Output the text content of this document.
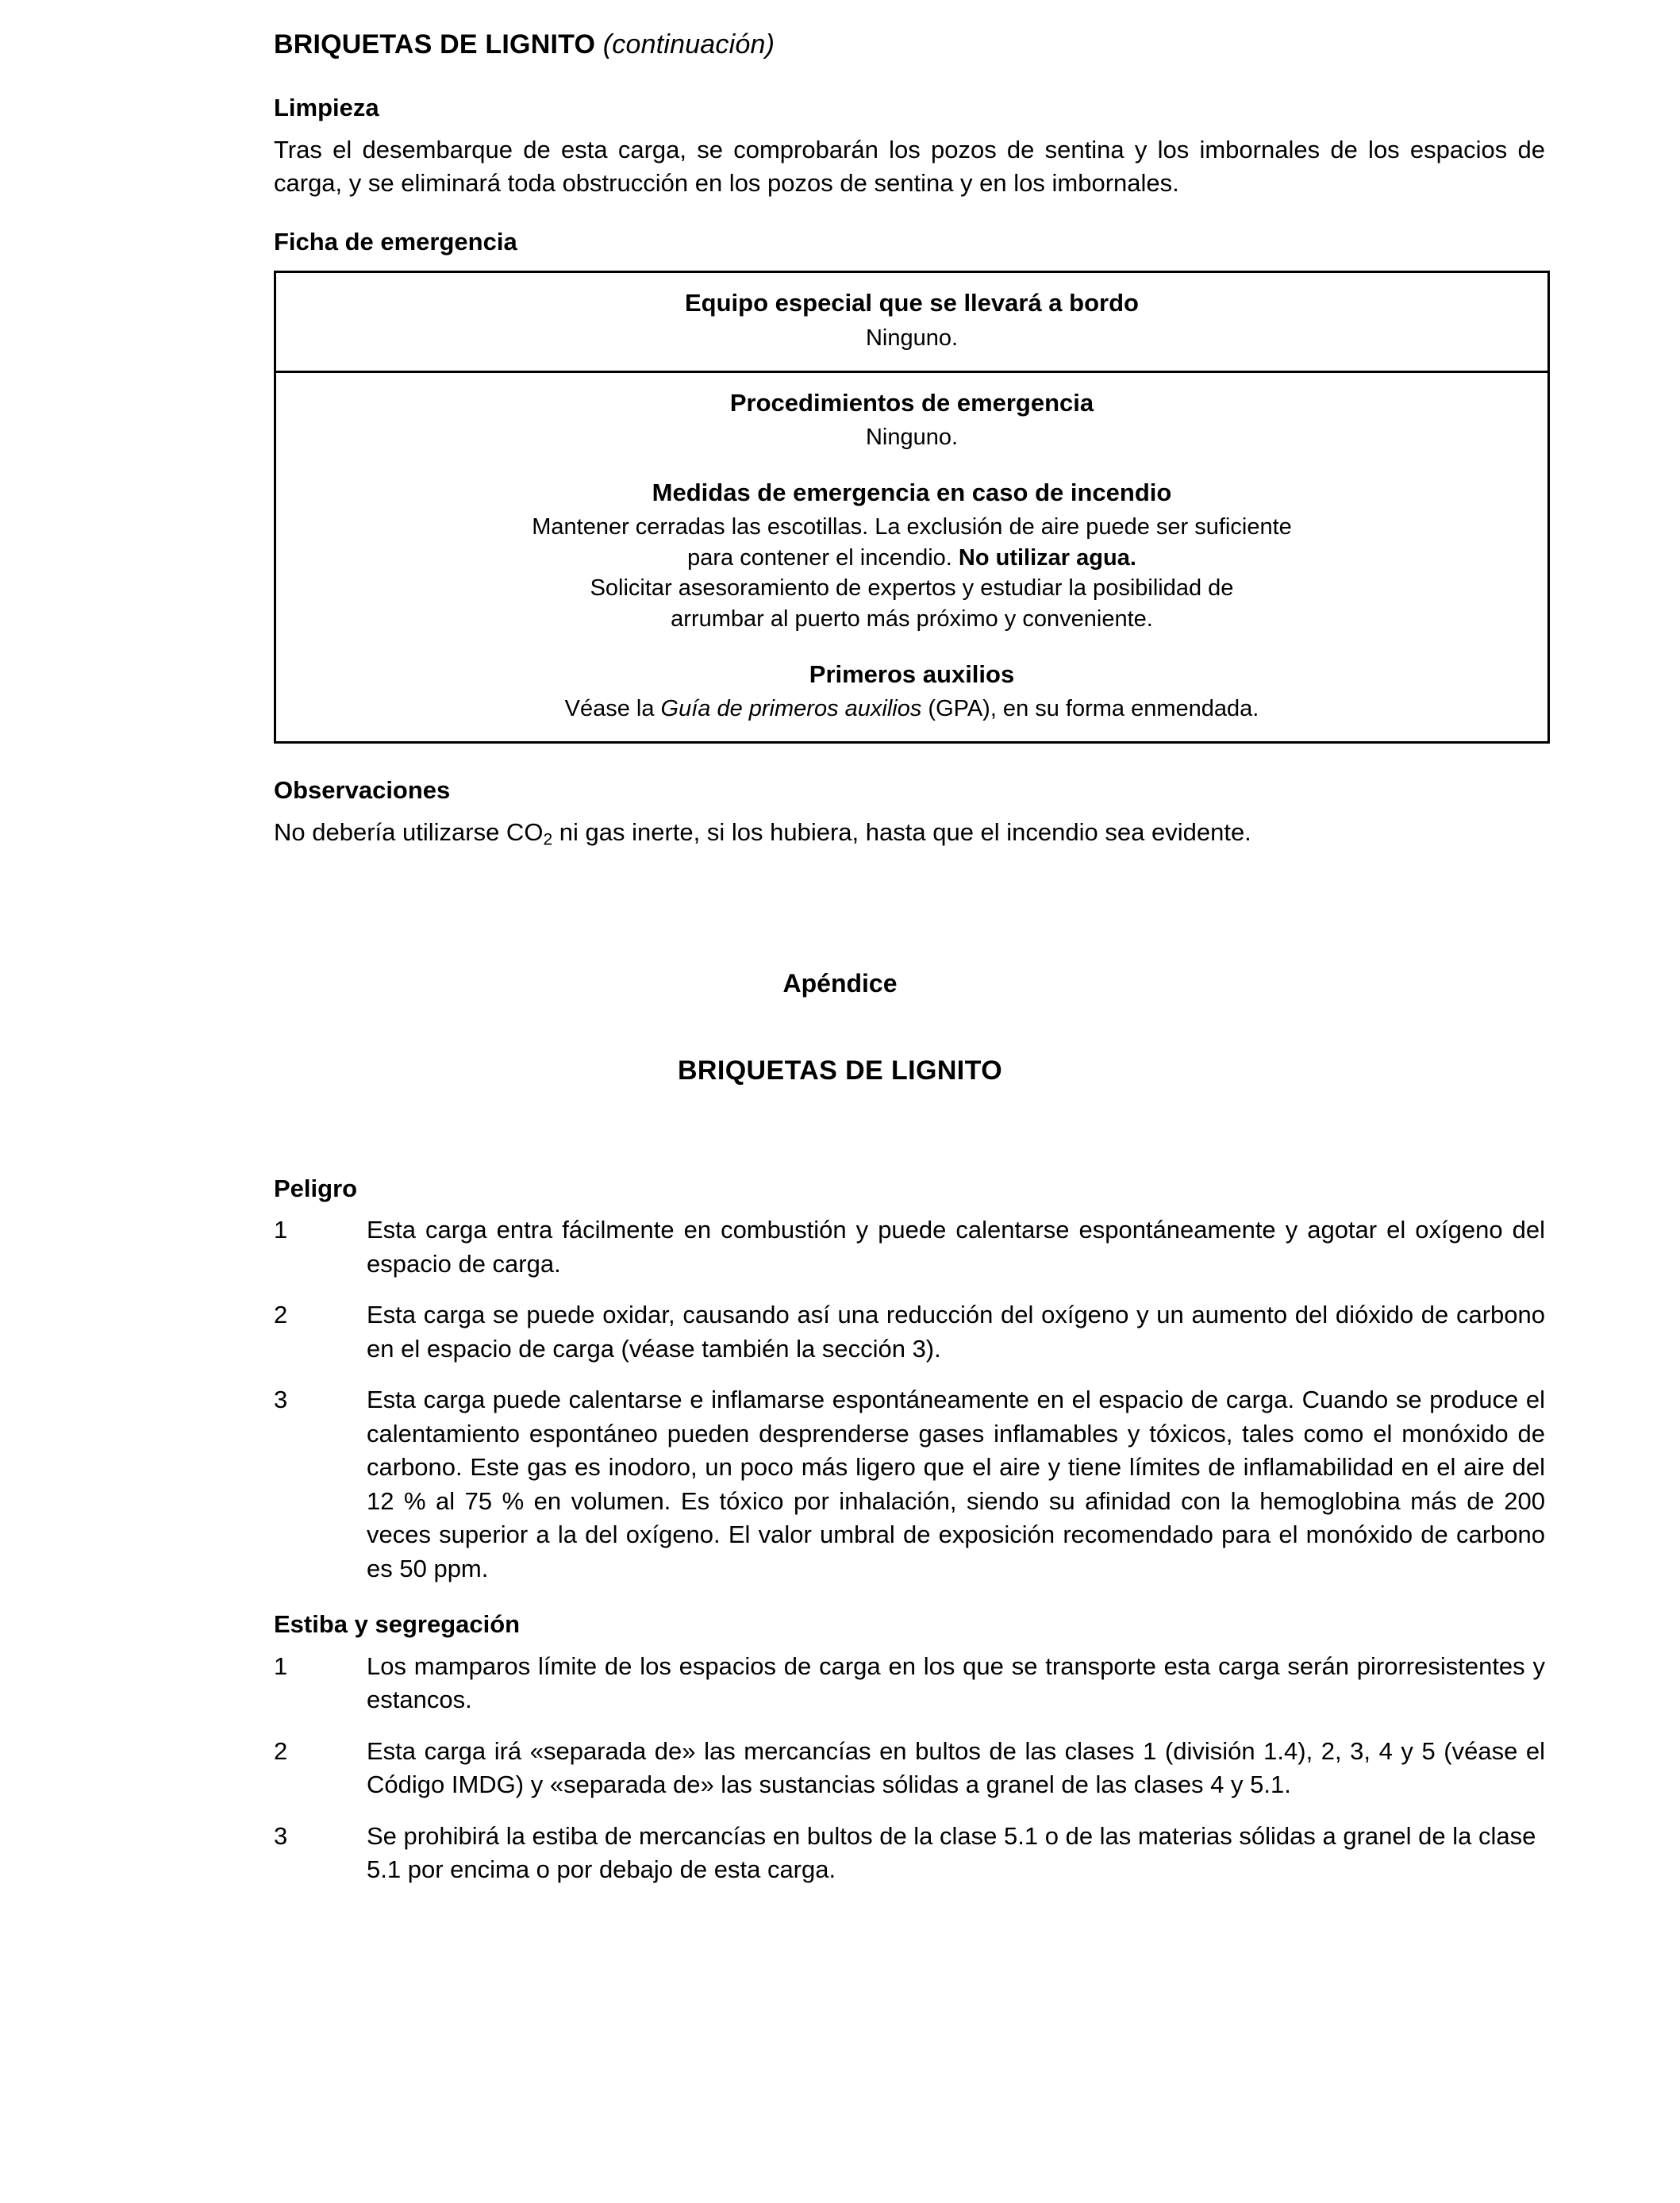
BRIQUETAS DE LIGNITO (continuación)
Limpieza

Tras el desembarque de esta carga, se comprobarán los pozos de sentina y los imbornales de los espacios de carga, y se eliminará toda obstrucción en los pozos de sentina y en los imbornales.

Ficha de emergencia

Equipo especial que se llevará a bordo

Ninguno.

Procedimientos de emergencia

Ninguno.

Medidas de emergencia en caso de incendio

Mantener cerradas las escotillas. La exclusión de aire puede ser suficiente

para contener el incendio. No utilizar agua.

Solicitar asesoramiento de expertos y estudiar la posibilidad de

arrumbar al puerto más próximo y conveniente.

Primeros auxilios

Véase la Guía de primeros auxilios (GPA), en su forma enmendada.

Observaciones

No debería utilizarse $CO_2$ ni gas inerte, si los hubiera, hasta que el incendio sea evidente.

Apéndice

BRIQUETAS DE LIGNITO

Peligro
1	Esta carga entra fácilmente en combustión y puede calentarse espontáneamente y agotar el oxígeno del espacio de carga.
2	Esta carga se puede oxidar, causando así una reducción del oxígeno y un aumento del dióxido de carbono en el espacio de carga (véase también la sección 3).
3	Esta carga puede calentarse e inflamarse espontáneamente en el espacio de carga. Cuando se produce el calentamiento espontáneo pueden desprenderse gases inflamables y tóxicos, tales como el monóxido de carbono. Este gas es inodoro, un poco más ligero que el aire y tiene límites de inflamabilidad en el aire del 12 % al 75 % en volumen. Es tóxico por inhalación, siendo su afinidad con la hemoglobina más de 200 veces superior a la del oxígeno. El valor umbral de exposición recomendado para el monóxido de carbono es 50 ppm.
Estiba y segregación
1	Los mamparos límite de los espacios de carga en los que se transporte esta carga serán pirorresistentes y estancos.
2	Esta carga irá «separada de» las mercancías en bultos de las clases 1 (división 1.4), 2, 3, 4 y 5 (véase el Código IMDG) y «separada de» las sustancias sólidas a granel de las clases 4 y 5.1.
3	Se prohibirá la estiba de mercancías en bultos de la clase 5.1 o de las materias sólidas a granel de la clase 5.1 por encima o por debajo de esta carga.
